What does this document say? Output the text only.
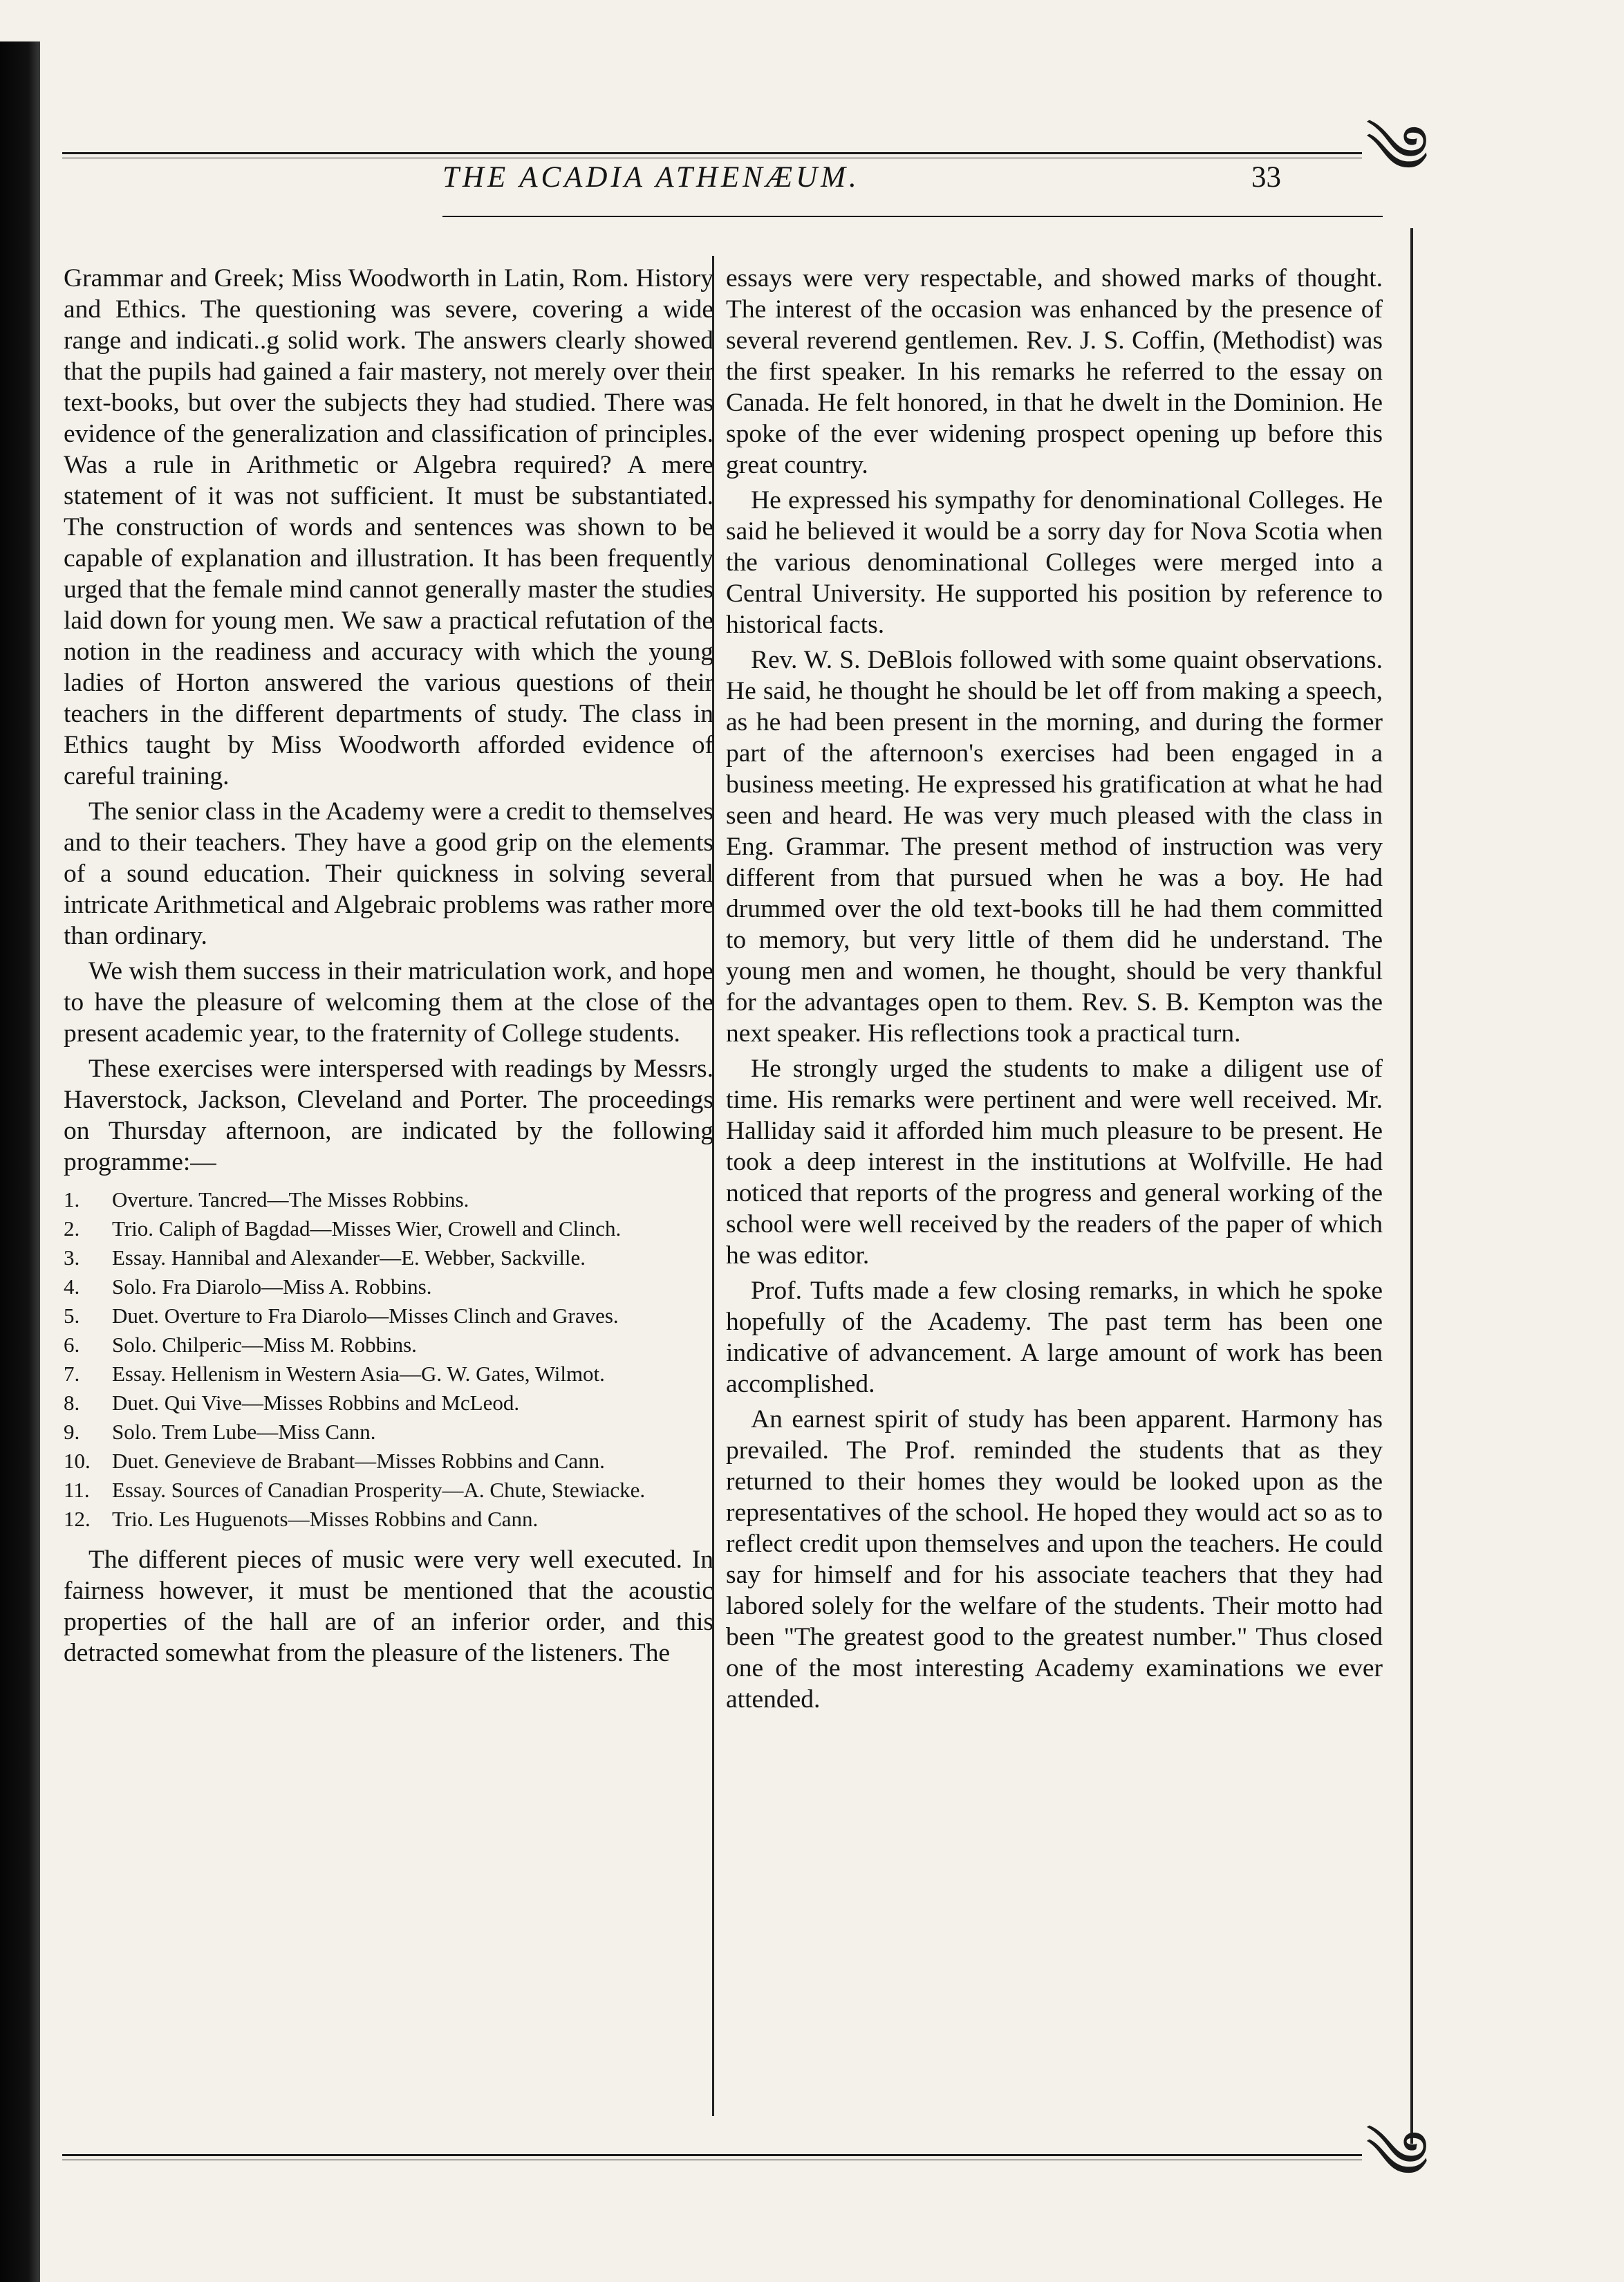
༄
THE ACADIA ATHENÆUM.	33

Grammar and Greek; Miss Woodworth in Latin, Rom. History and Ethics. The questioning was severe, covering a wide range and indicati..g solid work. The answers clearly showed that the pupils had gained a fair mastery, not merely over their text-books, but over the subjects they had studied. There was evidence of the generalization and classification of principles. Was a rule in Arithmetic or Algebra required? A mere statement of it was not sufficient. It must be substantiated. The construction of words and sentences was shown to be capable of explanation and illustration. It has been frequently urged that the female mind cannot generally master the studies laid down for young men. We saw a practical refutation of the notion in the readiness and accuracy with which the young ladies of Horton answered the various questions of their teachers in the different departments of study. The class in Ethics taught by Miss Woodworth afforded evidence of careful training.

The senior class in the Academy were a credit to themselves and to their teachers. They have a good grip on the elements of a sound education. Their quickness in solving several intricate Arithmetical and Algebraic problems was rather more than ordinary.

We wish them success in their matriculation work, and hope to have the pleasure of welcoming them at the close of the present academic year, to the fraternity of College students.

These exercises were interspersed with readings by Messrs. Haverstock, Jackson, Cleveland and Porter. The proceedings on Thursday afternoon, are indicated by the following programme:—

1. Overture. Tancred—The Misses Robbins.
2. Trio. Caliph of Bagdad—Misses Wier, Crowell and Clinch.
3. Essay. Hannibal and Alexander—E. Webber, Sackville.
4. Solo. Fra Diarolo—Miss A. Robbins.
5. Duet. Overture to Fra Diarolo—Misses Clinch and Graves.
6. Solo. Chilperic—Miss M. Robbins.
7. Essay. Hellenism in Western Asia—G. W. Gates, Wilmot.
8. Duet. Qui Vive—Misses Robbins and McLeod.
9. Solo. Trem Lube—Miss Cann.
10. Duet. Genevieve de Brabant—Misses Robbins and Cann.
11. Essay. Sources of Canadian Prosperity—A. Chute, Stewiacke.
12. Trio. Les Huguenots—Misses Robbins and Cann.

The different pieces of music were very well executed. In fairness however, it must be mentioned that the acoustic properties of the hall are of an inferior order, and this detracted somewhat from the pleasure of the listeners. The

essays were very respectable, and showed marks of thought. The interest of the occasion was enhanced by the presence of several reverend gentlemen. Rev. J. S. Coffin, (Methodist) was the first speaker. In his remarks he referred to the essay on Canada. He felt honored, in that he dwelt in the Dominion. He spoke of the ever widening prospect opening up before this great country.

He expressed his sympathy for denominational Colleges. He said he believed it would be a sorry day for Nova Scotia when the various denominational Colleges were merged into a Central University. He supported his position by reference to historical facts.

Rev. W. S. DeBlois followed with some quaint observations. He said, he thought he should be let off from making a speech, as he had been present in the morning, and during the former part of the afternoon's exercises had been engaged in a business meeting. He expressed his gratification at what he had seen and heard. He was very much pleased with the class in Eng. Grammar. The present method of instruction was very different from that pursued when he was a boy. He had drummed over the old text-books till he had them committed to memory, but very little of them did he understand. The young men and women, he thought, should be very thankful for the advantages open to them. Rev. S. B. Kempton was the next speaker. His reflections took a practical turn.

He strongly urged the students to make a diligent use of time. His remarks were pertinent and were well received. Mr. Halliday said it afforded him much pleasure to be present. He took a deep interest in the institutions at Wolfville. He had noticed that reports of the progress and general working of the school were well received by the readers of the paper of which he was editor.

Prof. Tufts made a few closing remarks, in which he spoke hopefully of the Academy. The past term has been one indicative of advancement. A large amount of work has been accomplished.

An earnest spirit of study has been apparent. Harmony has prevailed. The Prof. reminded the students that as they returned to their homes they would be looked upon as the representatives of the school. He hoped they would act so as to reflect credit upon themselves and upon the teachers. He could say for himself and for his associate teachers that they had labored solely for the welfare of the students. Their motto had been "The greatest good to the greatest number." Thus closed one of the most interesting Academy examinations we ever attended.

༄
